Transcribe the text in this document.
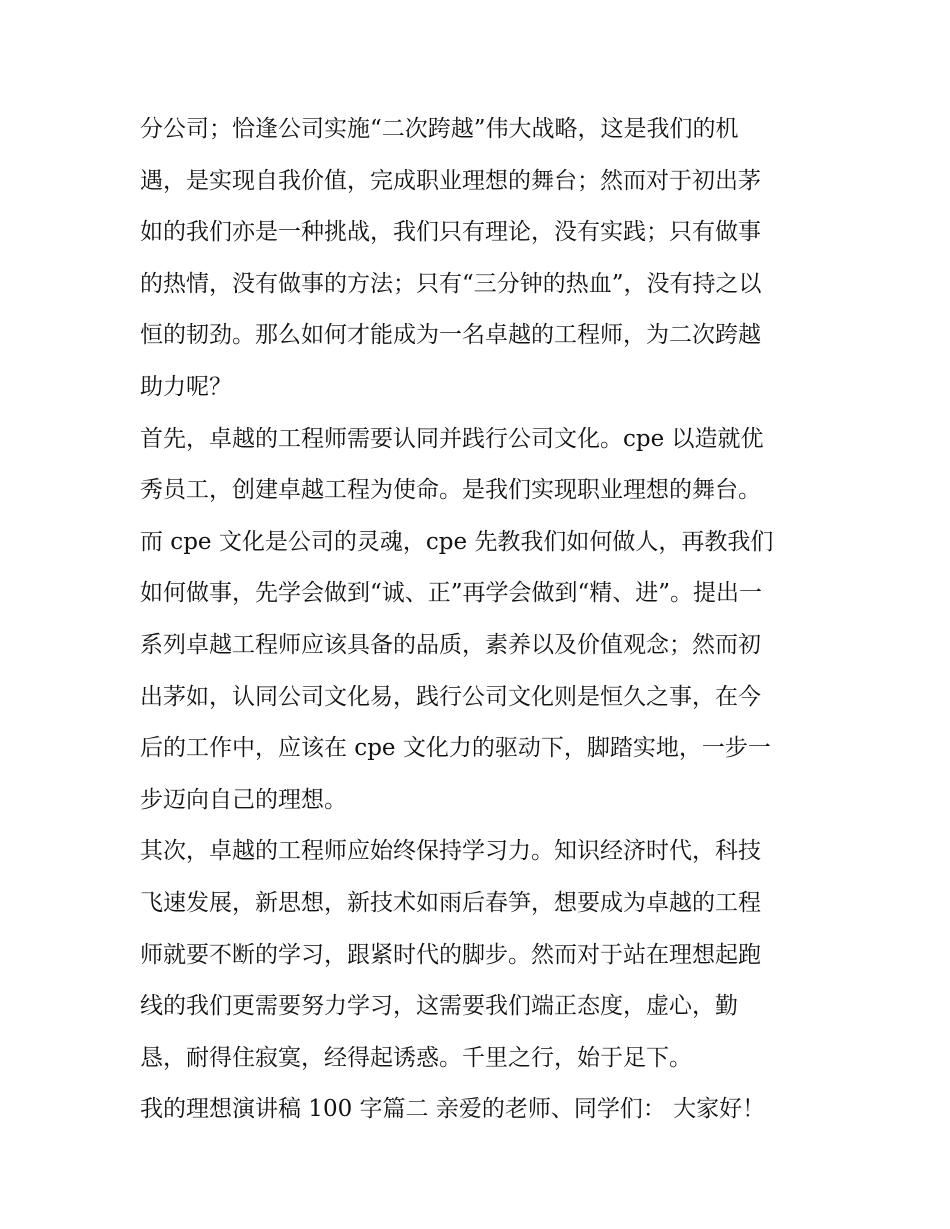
分公司；恰逢公司实施“二次跨越”伟大战略，这是我们的机
遇，是实现自我价值，完成职业理想的舞台；然而对于初出茅
如的我们亦是一种挑战，我们只有理论，没有实践；只有做事
的热情，没有做事的方法；只有“三分钟的热血”，没有持之以
恒的韧劲。那么如何才能成为一名卓越的工程师，为二次跨越
助力呢？
首先，卓越的工程师需要认同并践行公司文化。cpe 以造就优
秀员工，创建卓越工程为使命。是我们实现职业理想的舞台。
而 cpe 文化是公司的灵魂，cpe 先教我们如何做人，再教我们
如何做事，先学会做到“诚、正”再学会做到“精、进”。提出一
系列卓越工程师应该具备的品质，素养以及价值观念；然而初
出茅如，认同公司文化易，践行公司文化则是恒久之事，在今
后的工作中，应该在 cpe 文化力的驱动下，脚踏实地，一步一
步迈向自己的理想。
其次，卓越的工程师应始终保持学习力。知识经济时代，科技
飞速发展，新思想，新技术如雨后春笋，想要成为卓越的工程
师就要不断的学习，跟紧时代的脚步。然而对于站在理想起跑
线的我们更需要努力学习，这需要我们端正态度，虚心，勤
恳，耐得住寂寞，经得起诱惑。千里之行，始于足下。
我的理想演讲稿 100 字篇二 亲爱的老师、同学们： 大家好！
